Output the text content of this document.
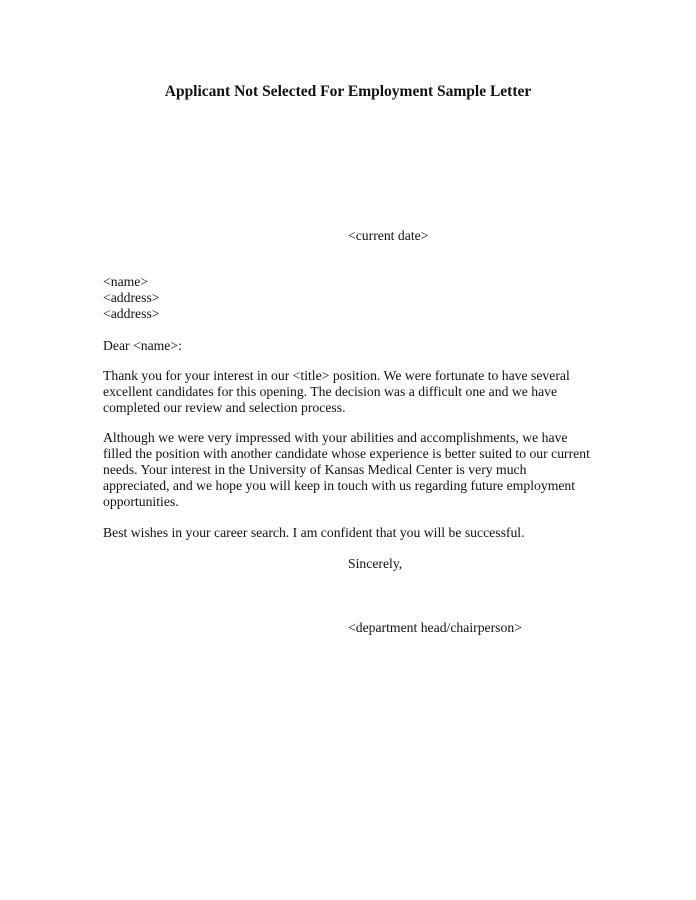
Applicant Not Selected For Employment Sample Letter

<current date>

<name>
<address>
<address>

Dear <name>:

Thank you for your interest in our <title> position. We were fortunate to have several
excellent candidates for this opening. The decision was a difficult one and we have
completed our review and selection process.
Although we were very impressed with your abilities and accomplishments, we have
filled the position with another candidate whose experience is better suited to our current
needs. Your interest in the University of Kansas Medical Center is very much
appreciated, and we hope you will keep in touch with us regarding future employment
opportunities.

Best wishes in your career search. I am confident that you will be successful.

Sincerely,

<department head/chairperson>
